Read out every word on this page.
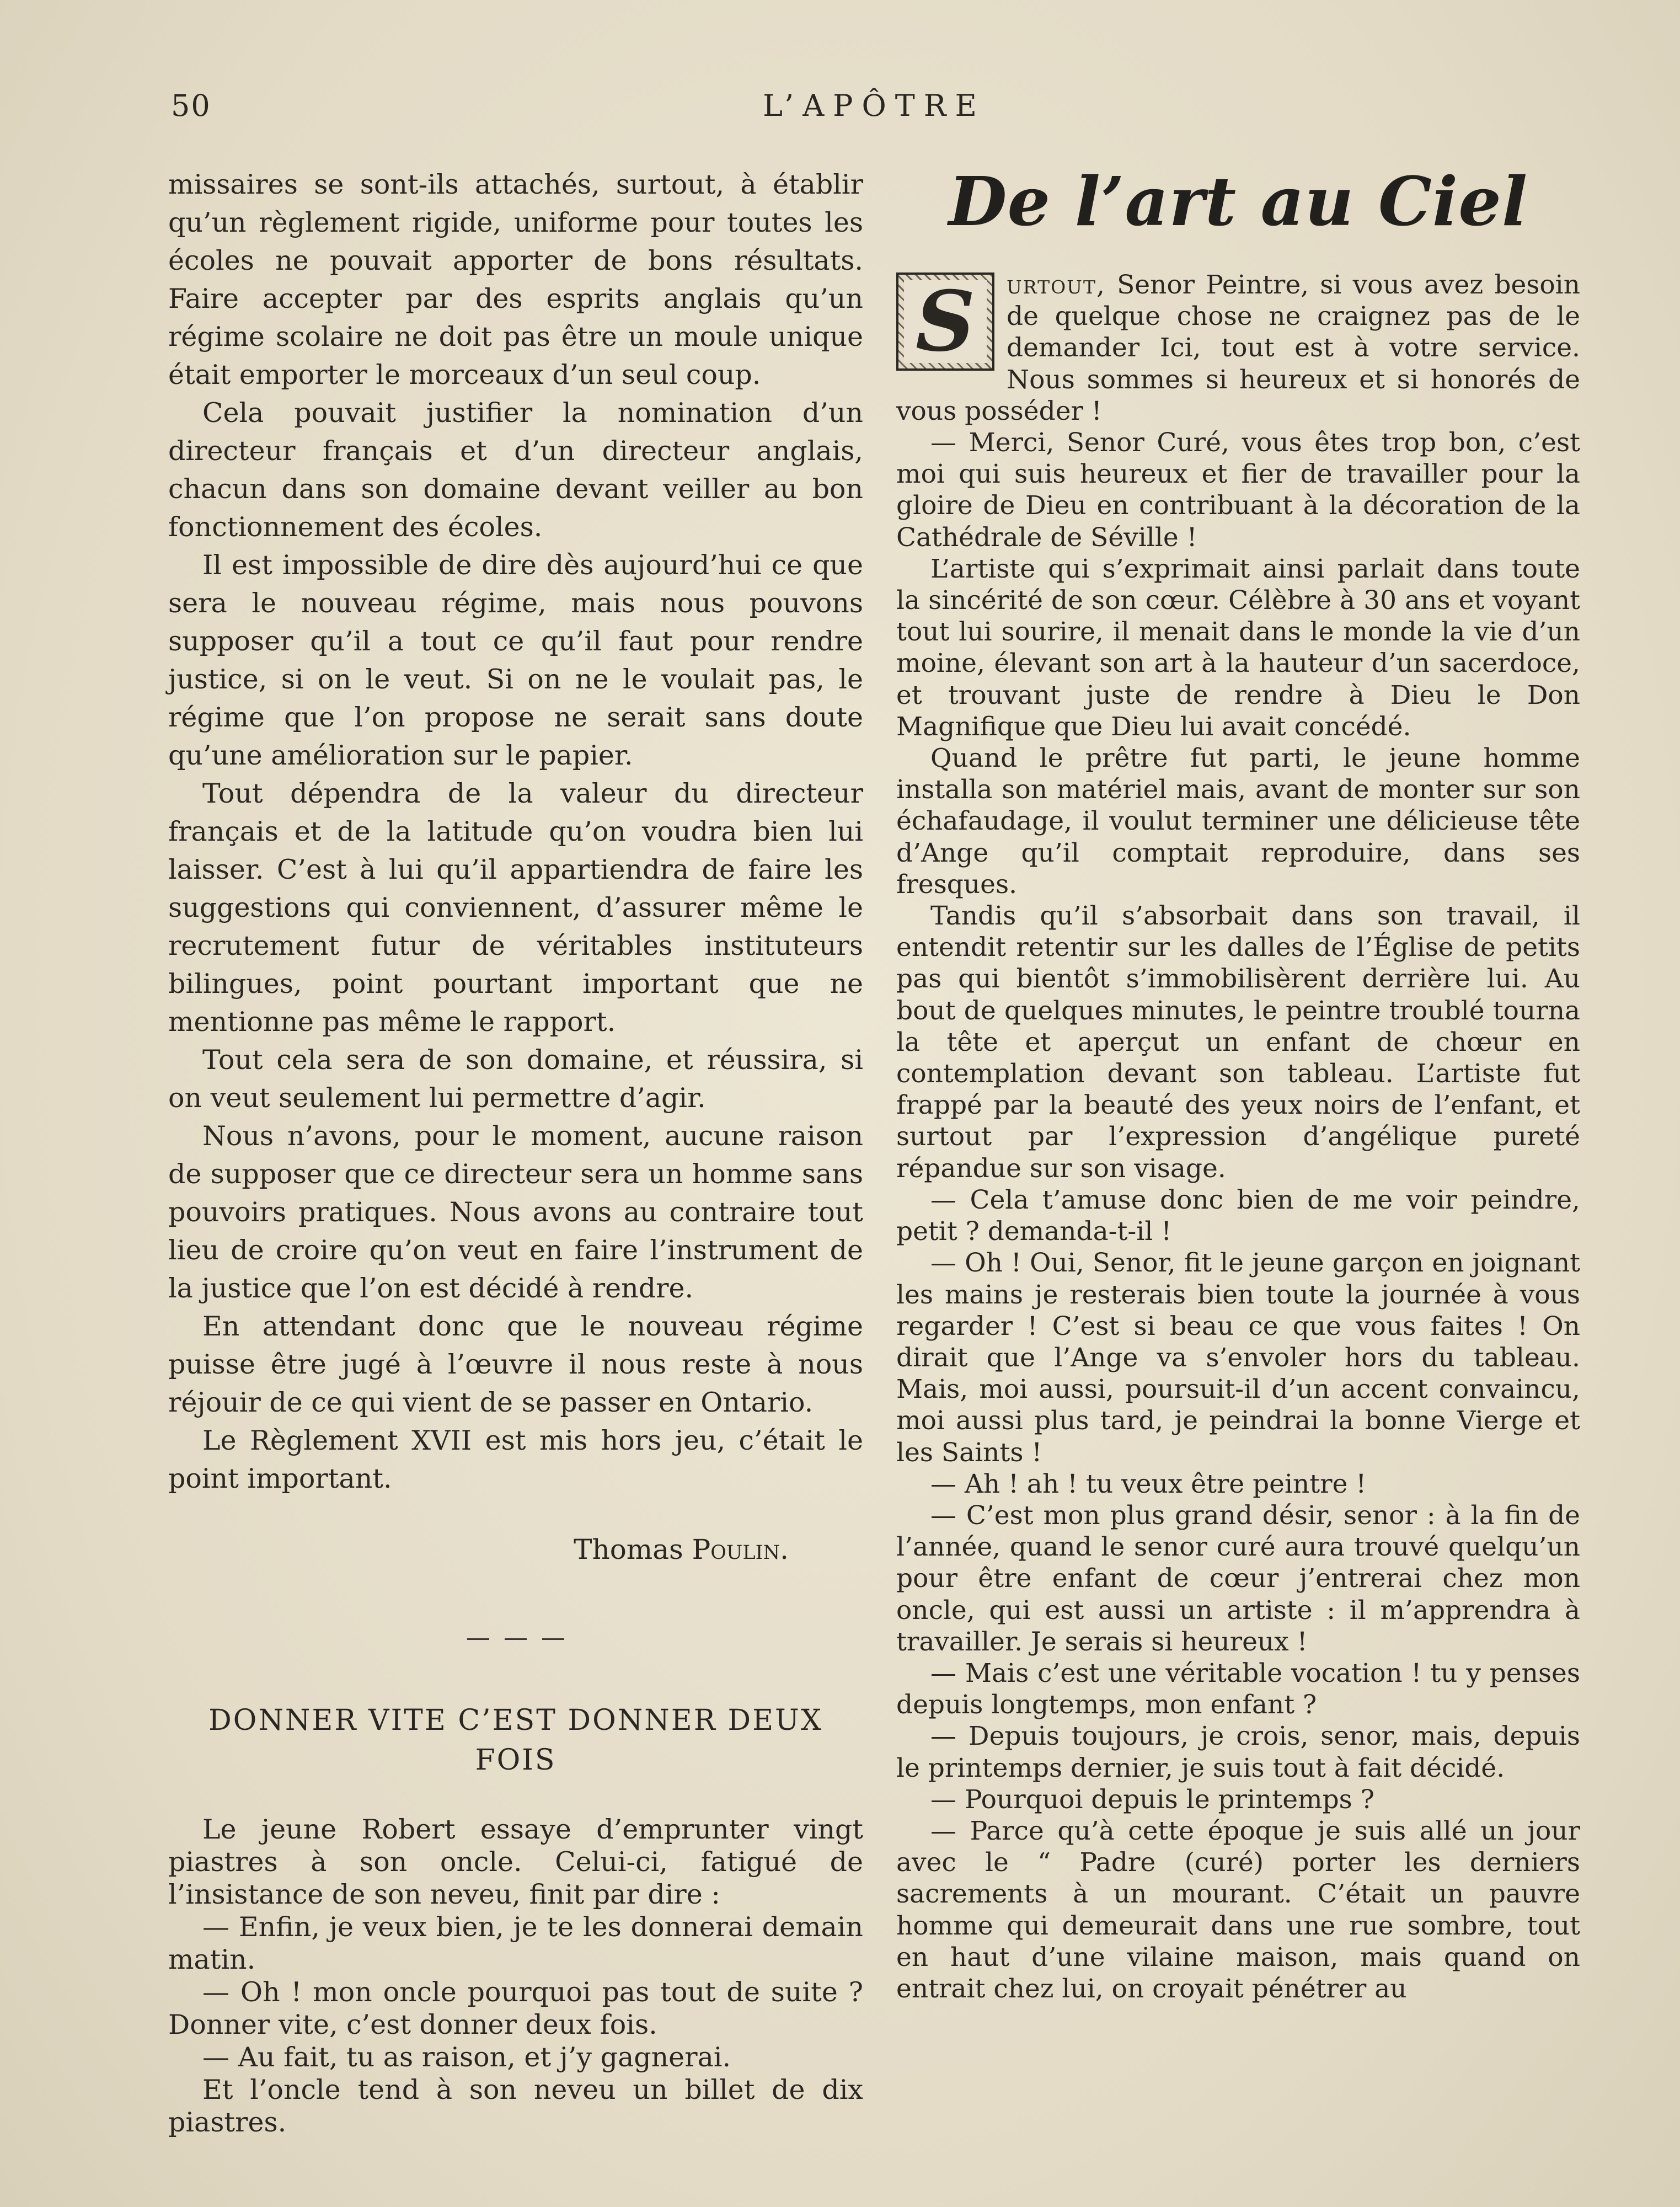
50	L’APÔTRE

missaires se sont-ils attachés, surtout, à établir qu’un règlement rigide, uniforme pour toutes les écoles ne pouvait apporter de bons résultats. Faire accepter par des esprits anglais qu’un régime scolaire ne doit pas être un moule unique était emporter le morceaux d’un seul coup.

Cela pouvait justifier la nomination d’un directeur français et d’un directeur anglais, chacun dans son domaine devant veiller au bon fonctionnement des écoles.

Il est impossible de dire dès aujourd’hui ce que sera le nouveau régime, mais nous pouvons supposer qu’il a tout ce qu’il faut pour rendre justice, si on le veut. Si on ne le voulait pas, le régime que l’on propose ne serait sans doute qu’une amélioration sur le papier.

Tout dépendra de la valeur du directeur français et de la latitude qu’on voudra bien lui laisser. C’est à lui qu’il appartiendra de faire les suggestions qui conviennent, d’assurer même le recrutement futur de véritables instituteurs bilingues, point pourtant important que ne mentionne pas même le rapport.

Tout cela sera de son domaine, et réussira, si on veut seulement lui permettre d’agir.

Nous n’avons, pour le moment, aucune raison de supposer que ce directeur sera un homme sans pouvoirs pratiques. Nous avons au contraire tout lieu de croire qu’on veut en faire l’instrument de la justice que l’on est décidé à rendre.

En attendant donc que le nouveau régime puisse être jugé à l’œuvre il nous reste à nous réjouir de ce qui vient de se passer en Ontario.

Le Règlement XVII est mis hors jeu, c’était le point important.

Thomas Poulin.
DONNER VITE C’EST DONNER DEUX FOIS

Le jeune Robert essaye d’emprunter vingt piastres à son oncle. Celui-ci, fatigué de l’insistance de son neveu, finit par dire :

— Enfin, je veux bien, je te les donnerai demain matin.

— Oh ! mon oncle pourquoi pas tout de suite ? Donner vite, c’est donner deux fois.

— Au fait, tu as raison, et j’y gagnerai.

Et l’oncle tend à son neveu un billet de dix piastres.

De l’art au Ciel

S	urtout, Senor Peintre, si vous avez besoin de quelque chose ne craignez pas de le demander Ici, tout est à votre service. Nous sommes si heureux et si honorés de vous posséder !

— Merci, Senor Curé, vous êtes trop bon, c’est moi qui suis heureux et fier de travailler pour la gloire de Dieu en contribuant à la décoration de la Cathédrale de Séville !

L’artiste qui s’exprimait ainsi parlait dans toute la sincérité de son cœur. Célèbre à 30 ans et voyant tout lui sourire, il menait dans le monde la vie d’un moine, élevant son art à la hauteur d’un sacerdoce, et trouvant juste de rendre à Dieu le Don Magnifique que Dieu lui avait concédé.

Quand le prêtre fut parti, le jeune homme installa son matériel mais, avant de monter sur son échafaudage, il voulut terminer une délicieuse tête d’Ange qu’il comptait reproduire, dans ses fresques.

Tandis qu’il s’absorbait dans son travail, il entendit retentir sur les dalles de l’Église de petits pas qui bientôt s’immobilisèrent derrière lui. Au bout de quelques minutes, le peintre troublé tourna la tête et aperçut un enfant de chœur en contemplation devant son tableau. L’artiste fut frappé par la beauté des yeux noirs de l’enfant, et surtout par l’expression d’angélique pureté répandue sur son visage.

— Cela t’amuse donc bien de me voir peindre, petit ? demanda-t-il !

— Oh ! Oui, Senor, fit le jeune garçon en joignant les mains je resterais bien toute la journée à vous regarder ! C’est si beau ce que vous faites ! On dirait que l’Ange va s’envoler hors du tableau. Mais, moi aussi, poursuit-il d’un accent convaincu, moi aussi plus tard, je peindrai la bonne Vierge et les Saints !

— Ah ! ah ! tu veux être peintre !

— C’est mon plus grand désir, senor : à la fin de l’année, quand le senor curé aura trouvé quelqu’un pour être enfant de cœur j’entrerai chez mon oncle, qui est aussi un artiste : il m’apprendra à travailler. Je serais si heureux !

— Mais c’est une véritable vocation ! tu y penses depuis longtemps, mon enfant ?

— Depuis toujours, je crois, senor, mais, depuis le printemps dernier, je suis tout à fait décidé.

— Pourquoi depuis le printemps ?

— Parce qu’à cette époque je suis allé un jour avec le “ Padre (curé) porter les derniers sacrements à un mourant. C’était un pauvre homme qui demeurait dans une rue sombre, tout en haut d’une vilaine maison, mais quand on entrait chez lui, on croyait pénétrer au
